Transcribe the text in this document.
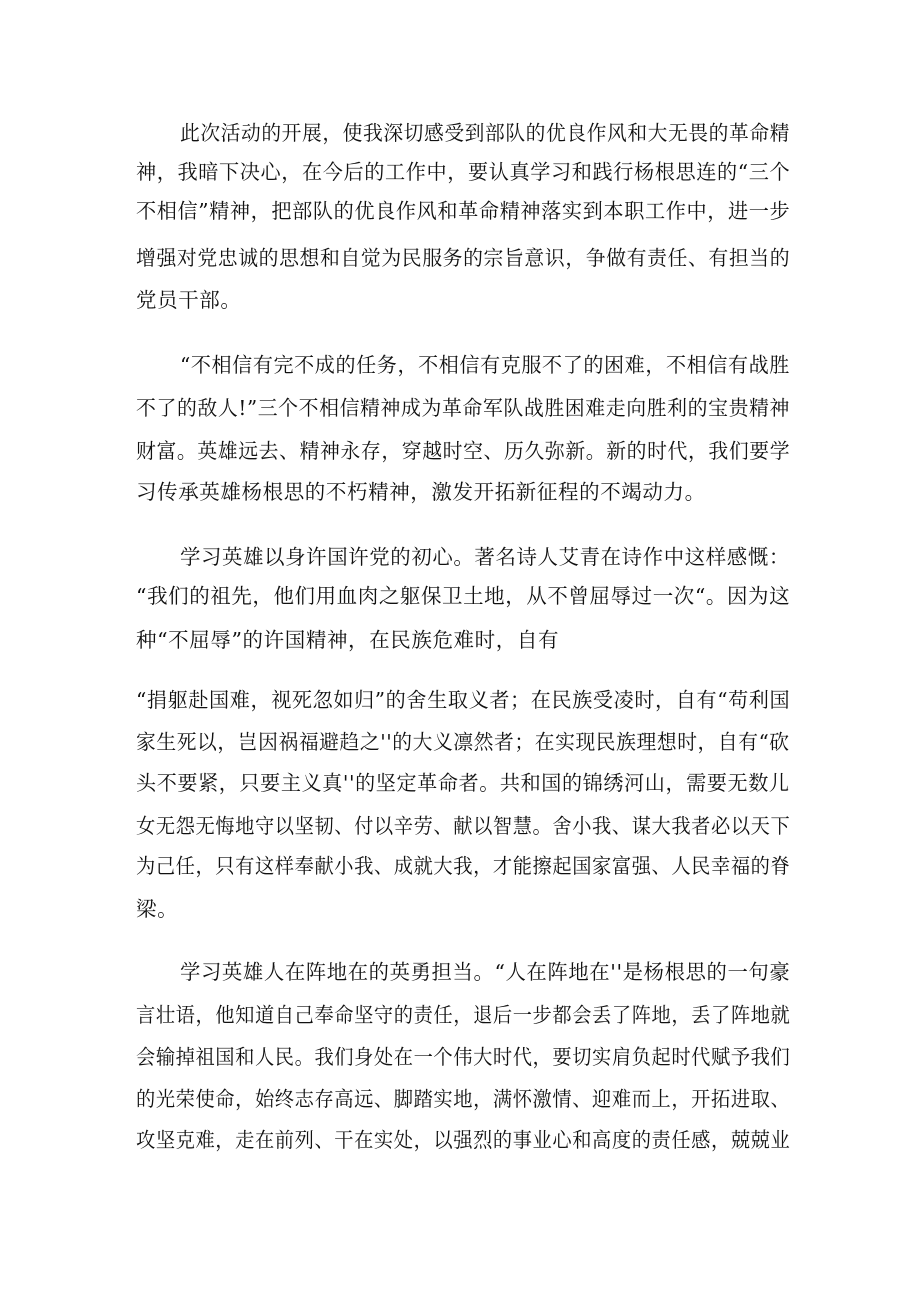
此次活动的开展，使我深切感受到部队的优良作风和大无畏的革命精
神，我暗下决心，在今后的工作中，要认真学习和践行杨根思连的“三个
不相信”精神，把部队的优良作风和革命精神落实到本职工作中，进一步
增强对党忠诚的思想和自觉为民服务的宗旨意识，争做有责任、有担当的
党员干部。
“不相信有完不成的任务，不相信有克服不了的困难，不相信有战胜
不了的敌人!”三个不相信精神成为革命军队战胜困难走向胜利的宝贵精神
财富。英雄远去、精神永存，穿越时空、历久弥新。新的时代，我们要学
习传承英雄杨根思的不朽精神，激发开拓新征程的不竭动力。
学习英雄以身许国许党的初心。著名诗人艾青在诗作中这样感慨：
“我们的祖先，他们用血肉之躯保卫土地，从不曾屈辱过一次“。因为这
种“不屈辱”的许国精神，在民族危难时，自有
“捐躯赴国难，视死忽如归”的舍生取义者；在民族受凌时，自有“苟利国
家生死以，岂因祸福避趋之''的大义凛然者；在实现民族理想时，自有“砍
头不要紧，只要主义真''的坚定革命者。共和国的锦绣河山，需要无数儿
女无怨无悔地守以坚韧、付以辛劳、献以智慧。舍小我、谋大我者必以天下
为己任，只有这样奉献小我、成就大我，才能擦起国家富强、人民幸福的脊
梁。
学习英雄人在阵地在的英勇担当。“人在阵地在''是杨根思的一句豪
言壮语，他知道自己奉命坚守的责任，退后一步都会丢了阵地，丢了阵地就
会输掉祖国和人民。我们身处在一个伟大时代，要切实肩负起时代赋予我们
的光荣使命，始终志存高远、脚踏实地，满怀激情、迎难而上，开拓进取、
攻坚克难，走在前列、干在实处，以强烈的事业心和高度的责任感，兢兢业
